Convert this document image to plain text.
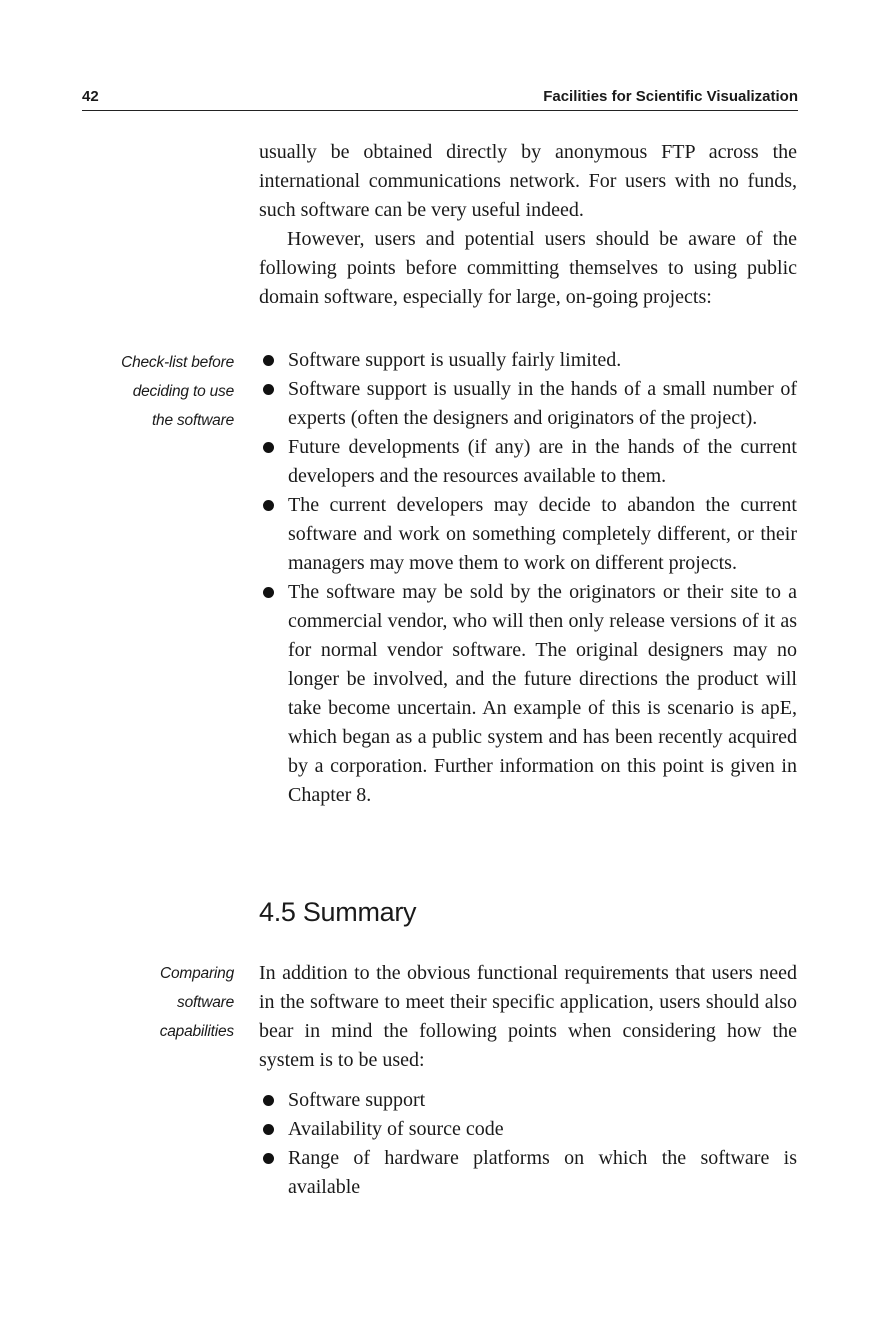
42	Facilities for Scientific Visualization

usually be obtained directly by anonymous FTP across the international communications network. For users with no funds, such software can be very useful indeed.

However, users and potential users should be aware of the following points before committing themselves to using public domain software, especially for large, on-going projects:

Check-list before
deciding to use
the software
Software support is usually fairly limited.
Software support is usually in the hands of a small number of experts (often the designers and originators of the project).
Future developments (if any) are in the hands of the current developers and the resources available to them.
The current developers may decide to abandon the current software and work on something completely different, or their managers may move them to work on different projects.
The software may be sold by the originators or their site to a commercial vendor, who will then only release versions of it as for normal vendor software. The original designers may no longer be involved, and the future directions the product will take become uncertain. An example of this is scenario is apE, which began as a public system and has been recently acquired by a corporation. Further information on this point is given in Chapter 8.
4.5 Summary
Comparing
software
capabilities

In addition to the obvious functional requirements that users need in the software to meet their specific application, users should also bear in mind the following points when considering how the system is to be used:

Software support
Availability of source code
Range of hardware platforms on which the software is available
